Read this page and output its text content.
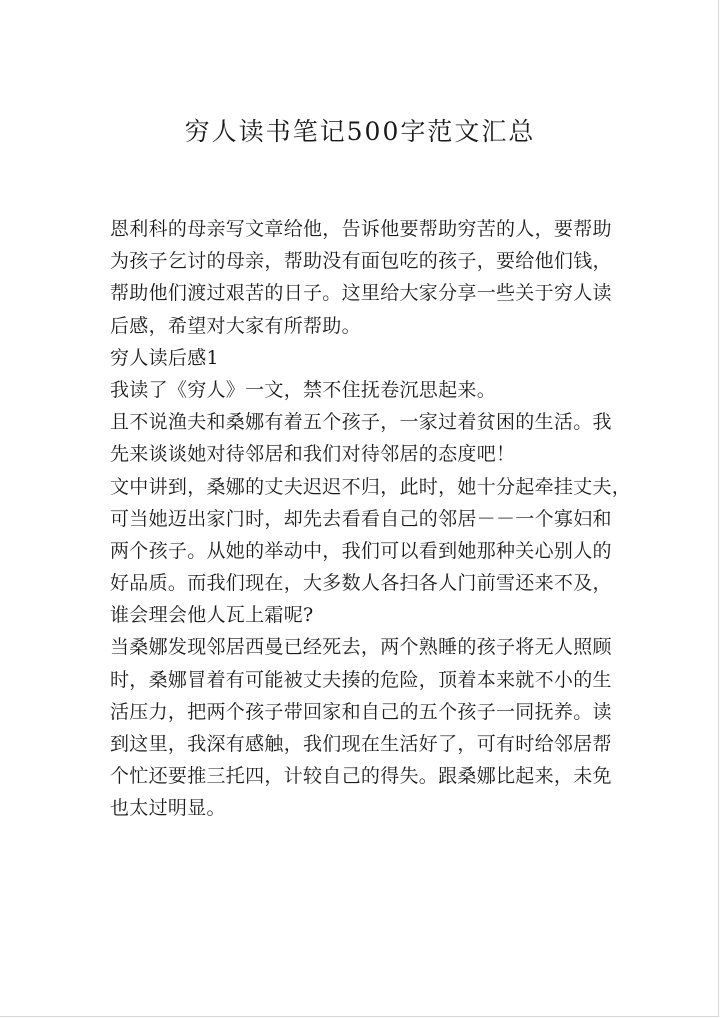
穷人读书笔记500字范文汇总
恩利科的母亲写文章给他，告诉他要帮助穷苦的人，要帮助
为孩子乞讨的母亲，帮助没有面包吃的孩子，要给他们钱，
帮助他们渡过艰苦的日子。这里给大家分享一些关于穷人读
后感，希望对大家有所帮助。
穷人读后感1
我读了《穷人》一文，禁不住抚卷沉思起来。
且不说渔夫和桑娜有着五个孩子，一家过着贫困的生活。我
先来谈谈她对待邻居和我们对待邻居的态度吧！
文中讲到，桑娜的丈夫迟迟不归，此时，她十分起牵挂丈夫，
可当她迈出家门时，却先去看看自己的邻居－－一个寡妇和
两个孩子。从她的举动中，我们可以看到她那种关心别人的
好品质。而我们现在，大多数人各扫各人门前雪还来不及，
谁会理会他人瓦上霜呢?
当桑娜发现邻居西曼已经死去，两个熟睡的孩子将无人照顾
时，桑娜冒着有可能被丈夫揍的危险，顶着本来就不小的生
活压力，把两个孩子带回家和自己的五个孩子一同抚养。读
到这里，我深有感触，我们现在生活好了，可有时给邻居帮
个忙还要推三托四，计较自己的得失。跟桑娜比起来，未免
也太过明显。
